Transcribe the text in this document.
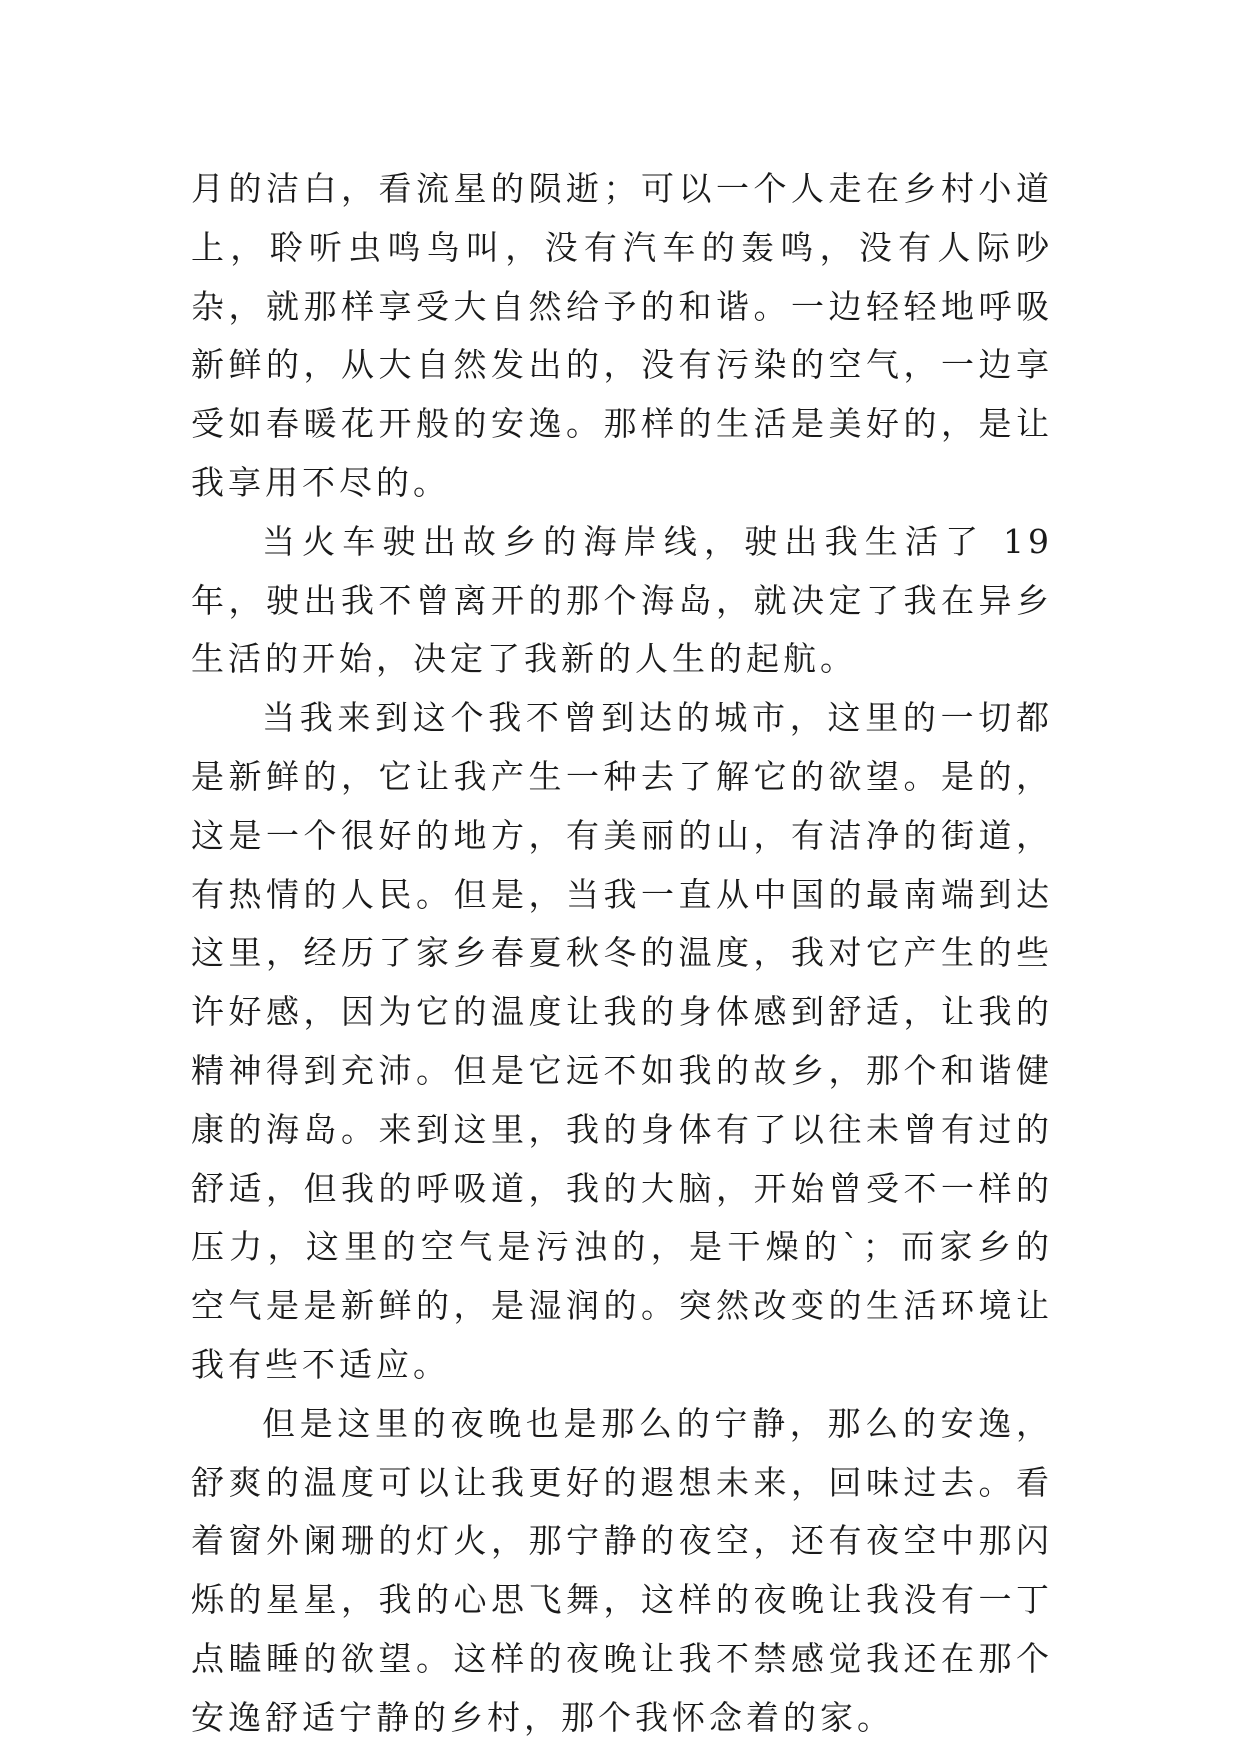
月的洁白，看流星的陨逝；可以一个人走在乡村小道上，聆听虫鸣鸟叫，没有汽车的轰鸣，没有人际吵杂，就那样享受大自然给予的和谐。一边轻轻地呼吸新鲜的，从大自然发出的，没有污染的空气，一边享受如春暖花开般的安逸。那样的生活是美好的，是让我享用不尽的。

当火车驶出故乡的海岸线，驶出我生活了 19 年，驶出我不曾离开的那个海岛，就决定了我在异乡生活的开始，决定了我新的人生的起航。

当我来到这个我不曾到达的城市，这里的一切都是新鲜的，它让我产生一种去了解它的欲望。是的，这是一个很好的地方，有美丽的山，有洁净的街道，有热情的人民。但是，当我一直从中国的最南端到达这里，经历了家乡春夏秋冬的温度，我对它产生的些许好感，因为它的温度让我的身体感到舒适，让我的精神得到充沛。但是它远不如我的故乡，那个和谐健康的海岛。来到这里，我的身体有了以往未曾有过的舒适，但我的呼吸道，我的大脑，开始曾受不一样的压力，这里的空气是污浊的，是干燥的`；而家乡的空气是是新鲜的，是湿润的。突然改变的生活环境让我有些不适应。

但是这里的夜晚也是那么的宁静，那么的安逸，舒爽的温度可以让我更好的遐想未来，回味过去。看着窗外阑珊的灯火，那宁静的夜空，还有夜空中那闪烁的星星，我的心思飞舞，这样的夜晚让我没有一丁点瞌睡的欲望。这样的夜晚让我不禁感觉我还在那个安逸舒适宁静的乡村，那个我怀念着的家。
